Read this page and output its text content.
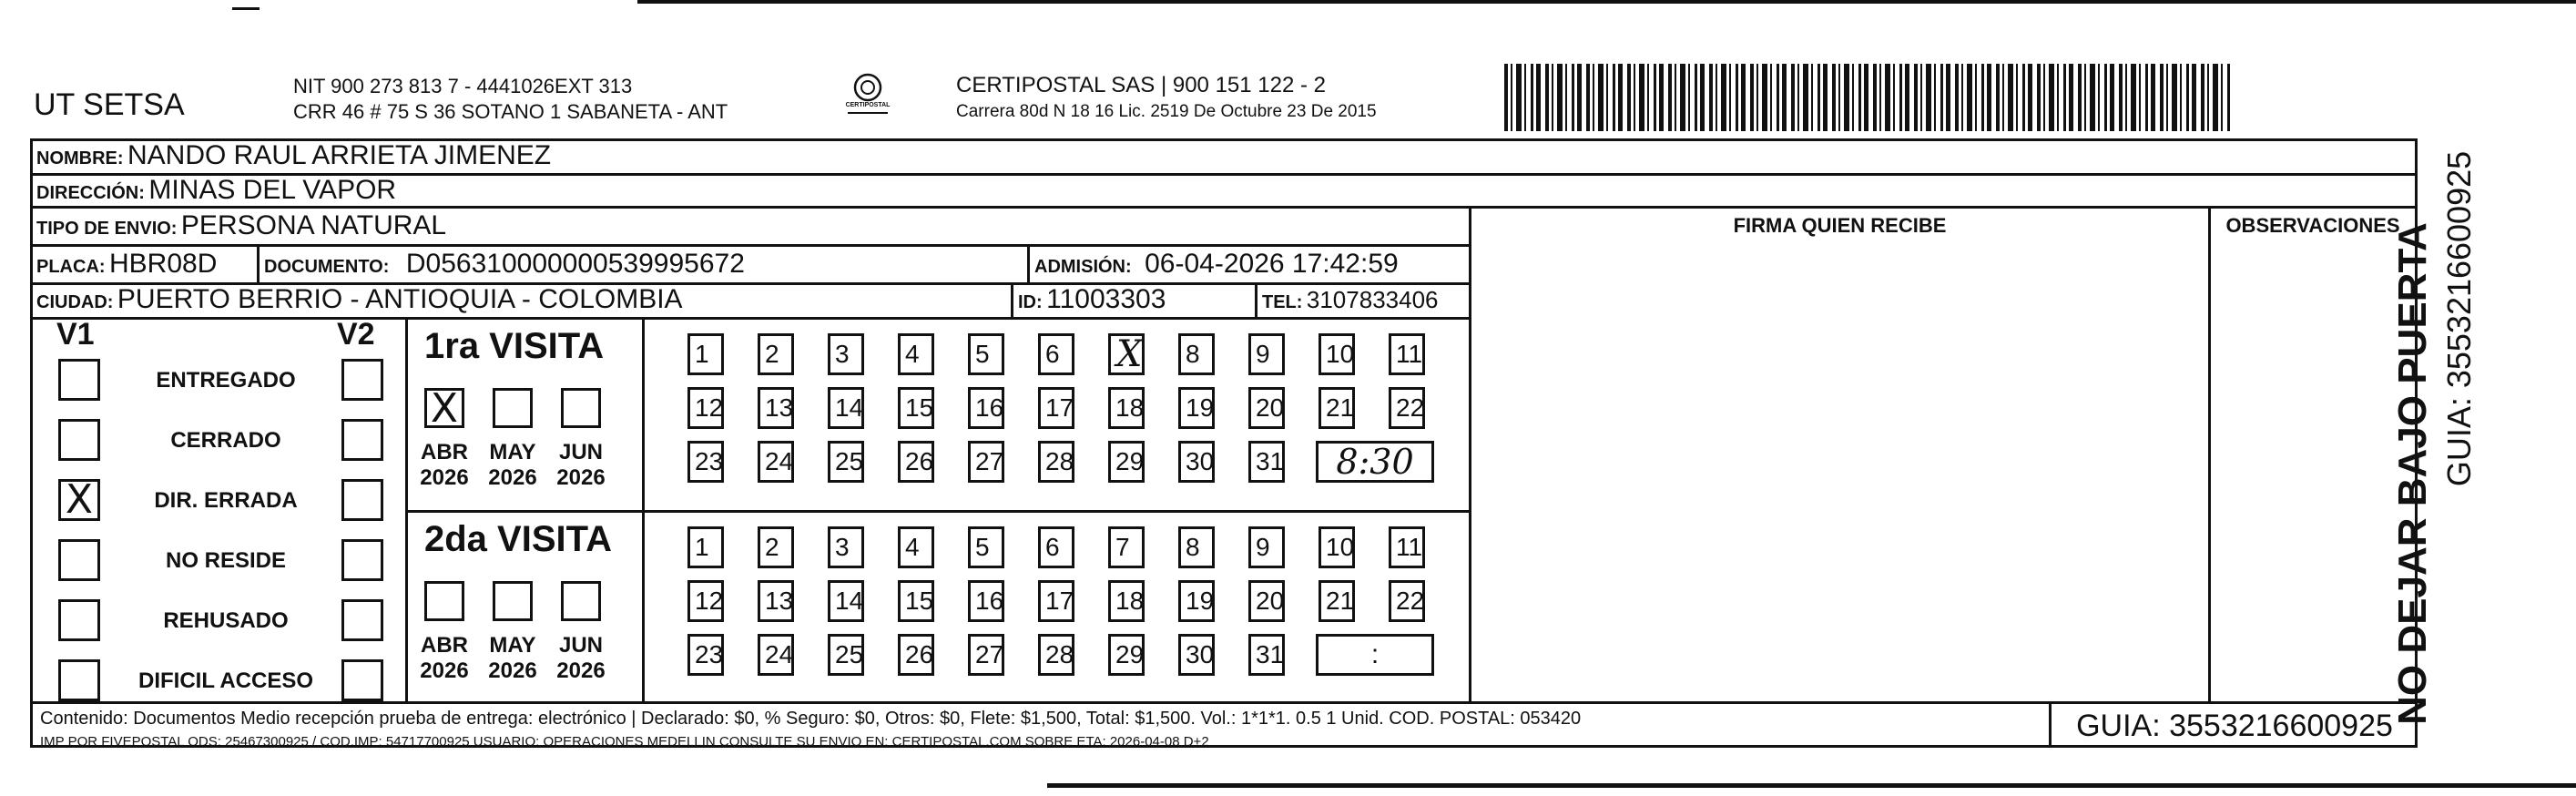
UT SETSA
NIT 900 273 813 7 - 4441026EXT 313
CRR 46 # 75 S 36 SOTANO 1 SABANETA - ANT	CERTIPOSTAL
CERTIPOSTAL SAS | 900 151 122 - 2
Carrera 80d N 18 16 Lic. 2519 De Octubre 23 De 2015
NOMBRE: NANDO RAUL ARRIETA JIMENEZ
DIRECCIÓN: MINAS DEL VAPOR
TIPO DE ENVIO: PERSONA NATURAL	FIRMA QUIEN RECIBE	OBSERVACIONES
PLACA: HBR08D	DOCUMENTO: D056310000000539995672	ADMISIÓN: 06-04-2026 17:42:59
CIUDAD: PUERTO BERRIO - ANTIOQUIA - COLOMBIA	ID: 11003303	TEL: 3107833406
V1	V2
ENTREGADO
CERRADO
X	DIR. ERRADA
NO RESIDE
REHUSADO
DIFICIL ACCESO
1ra VISITA
X
ABR
2026
MAY
2026
JUN
2026
1	2	3	4	5	6	X 8	9	10 11
12 13 14 15 16 17 18 19 20 21 22
23 24 25 26 27 28 29 30 31	8:30
2da VISITA
ABR
2026
MAY
2026
JUN
2026
1	2	3	4	5	6	7	8	9	10 11
12 13 14 15 16 17 18 19 20 21 22
23 24 25 26 27 28 29 30 31	:
Contenido: Documentos Medio recepción prueba de entrega: electrónico | Declarado: $0, % Seguro: $0, Otros: $0, Flete: $1,500, Total: $1,500. Vol.: 1*1*1. 0.5 1 Unid. COD. POSTAL: 053420
IMP POR FIVEPOSTAL ODS: 25467300925 / COD.IMP: 54717700925 USUARIO: OPERACIONES MEDELLIN CONSULTE SU ENVIO EN: CERTIPOSTAL.COM SOBRE ETA: 2026-04-08 D+2	GUIA: 3553216600925
NO DEJAR BAJO PUERTA GUIA: 3553216600925
